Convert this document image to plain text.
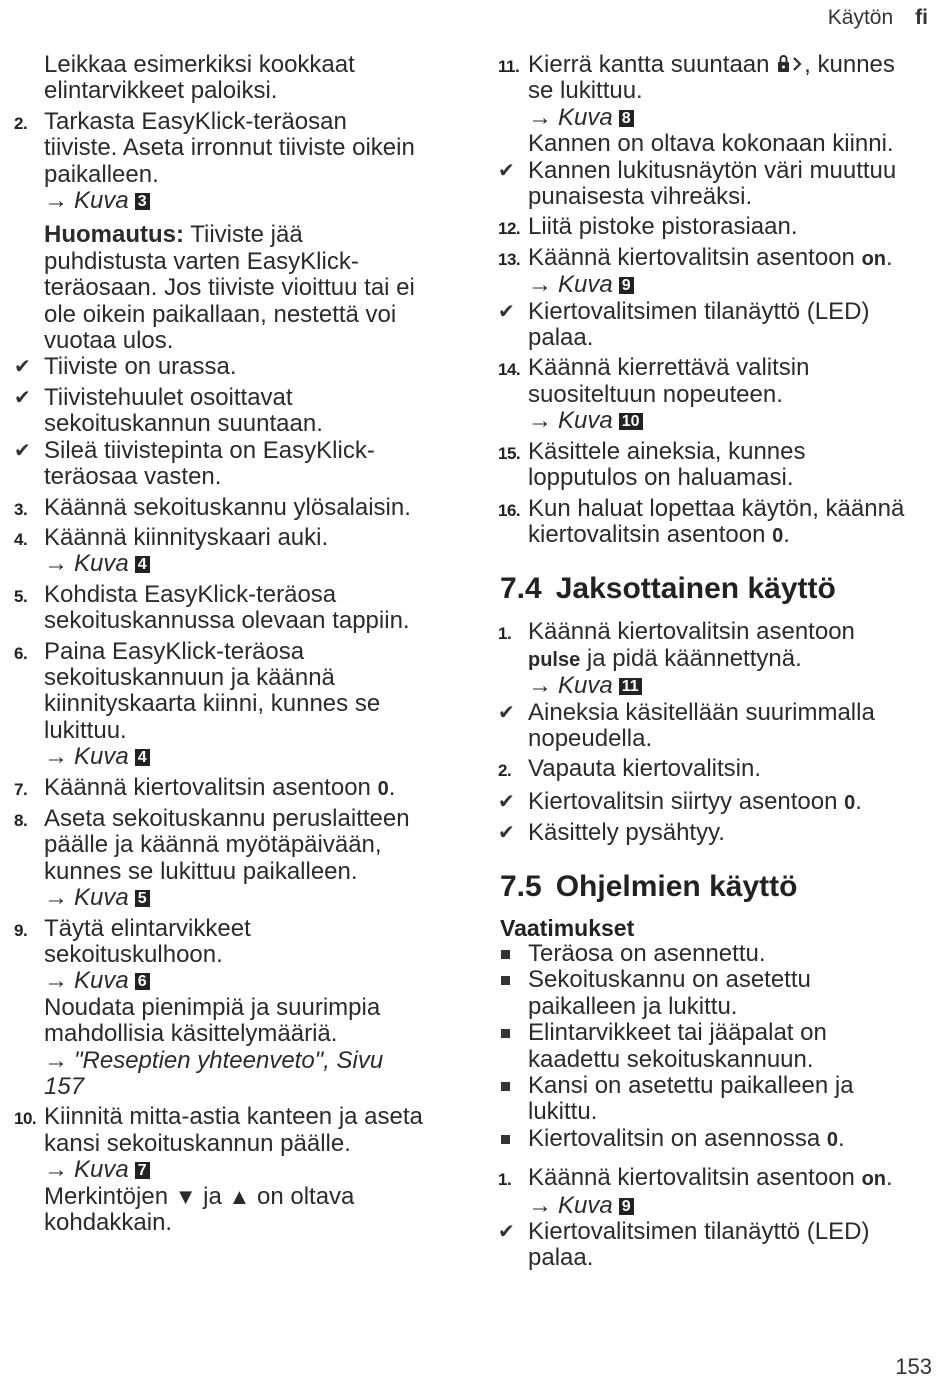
Käytön fi
Leikkaa esimerkiksi kookkaat
elintarvikkeet paloiksi.
2. Tarkasta EasyKlick-teräosan
tiiviste. Aseta irronnut tiiviste oikein
paikalleen.
→ Kuva 3
Huomautus: Tiiviste jää
puhdistusta varten EasyKlick-
teräosaan. Jos tiiviste vioittuu tai ei
ole oikein paikallaan, nestettä voi
vuotaa ulos.
✔ Tiiviste on urassa.
✔ Tiivistehuulet osoittavat
sekoituskannun suuntaan.
✔ Sileä tiivistepinta on EasyKlick-
teräosaa vasten.
3. Käännä sekoituskannu ylösalaisin.
4. Käännä kiinnityskaari auki.
→ Kuva 4
5. Kohdista EasyKlick-teräosa
sekoituskannussa olevaan tappiin.
6. Paina EasyKlick-teräosa
sekoituskannuun ja käännä
kiinnityskaarta kiinni, kunnes se
lukittuu.
→ Kuva 4
7. Käännä kiertovalitsin asentoon 0.
8. Aseta sekoituskannu peruslaitteen
päälle ja käännä myötäpäivään,
kunnes se lukittuu paikalleen.
→ Kuva 5
9. Täytä elintarvikkeet
sekoituskulhoon.
→ Kuva 6
Noudata pienimpiä ja suurimpia
mahdollisia käsittelymääriä.
→ "Reseptien yhteenveto", Sivu
157
10. Kiinnitä mitta-astia kanteen ja aseta
kansi sekoituskannun päälle.
→ Kuva 7
Merkintöjen ▼ ja ▲ on oltava
kohdakkain.
11. Kierrä kantta suuntaan , kunnes
se lukittuu.
→ Kuva 8
Kannen on oltava kokonaan kiinni.
✔ Kannen lukitusnäytön väri muuttuu
punaisesta vihreäksi.
12. Liitä pistoke pistorasiaan.
13. Käännä kiertovalitsin asentoon on.
→ Kuva 9
✔ Kiertovalitsimen tilanäyttö (LED)
palaa.
14. Käännä kierrettävä valitsin
suositeltuun nopeuteen.
→ Kuva 10
15. Käsittele aineksia, kunnes
lopputulos on haluamasi.
16. Kun haluat lopettaa käytön, käännä
kiertovalitsin asentoon 0.
7.4 Jaksottainen käyttö
1. Käännä kiertovalitsin asentoon
pulse ja pidä käännettynä.
→ Kuva 11
✔ Aineksia käsitellään suurimmalla
nopeudella.
2. Vapauta kiertovalitsin.
✔ Kiertovalitsin siirtyy asentoon 0.
✔ Käsittely pysähtyy.
7.5 Ohjelmien käyttö
Vaatimukset
Teräosa on asennettu.
Sekoituskannu on asetettu
paikalleen ja lukittu.
Elintarvikkeet tai jääpalat on
kaadettu sekoituskannuun.
Kansi on asetettu paikalleen ja
lukittu.
Kiertovalitsin on asennossa 0.
1. Käännä kiertovalitsin asentoon on.
→ Kuva 9
✔ Kiertovalitsimen tilanäyttö (LED)
palaa.
153
